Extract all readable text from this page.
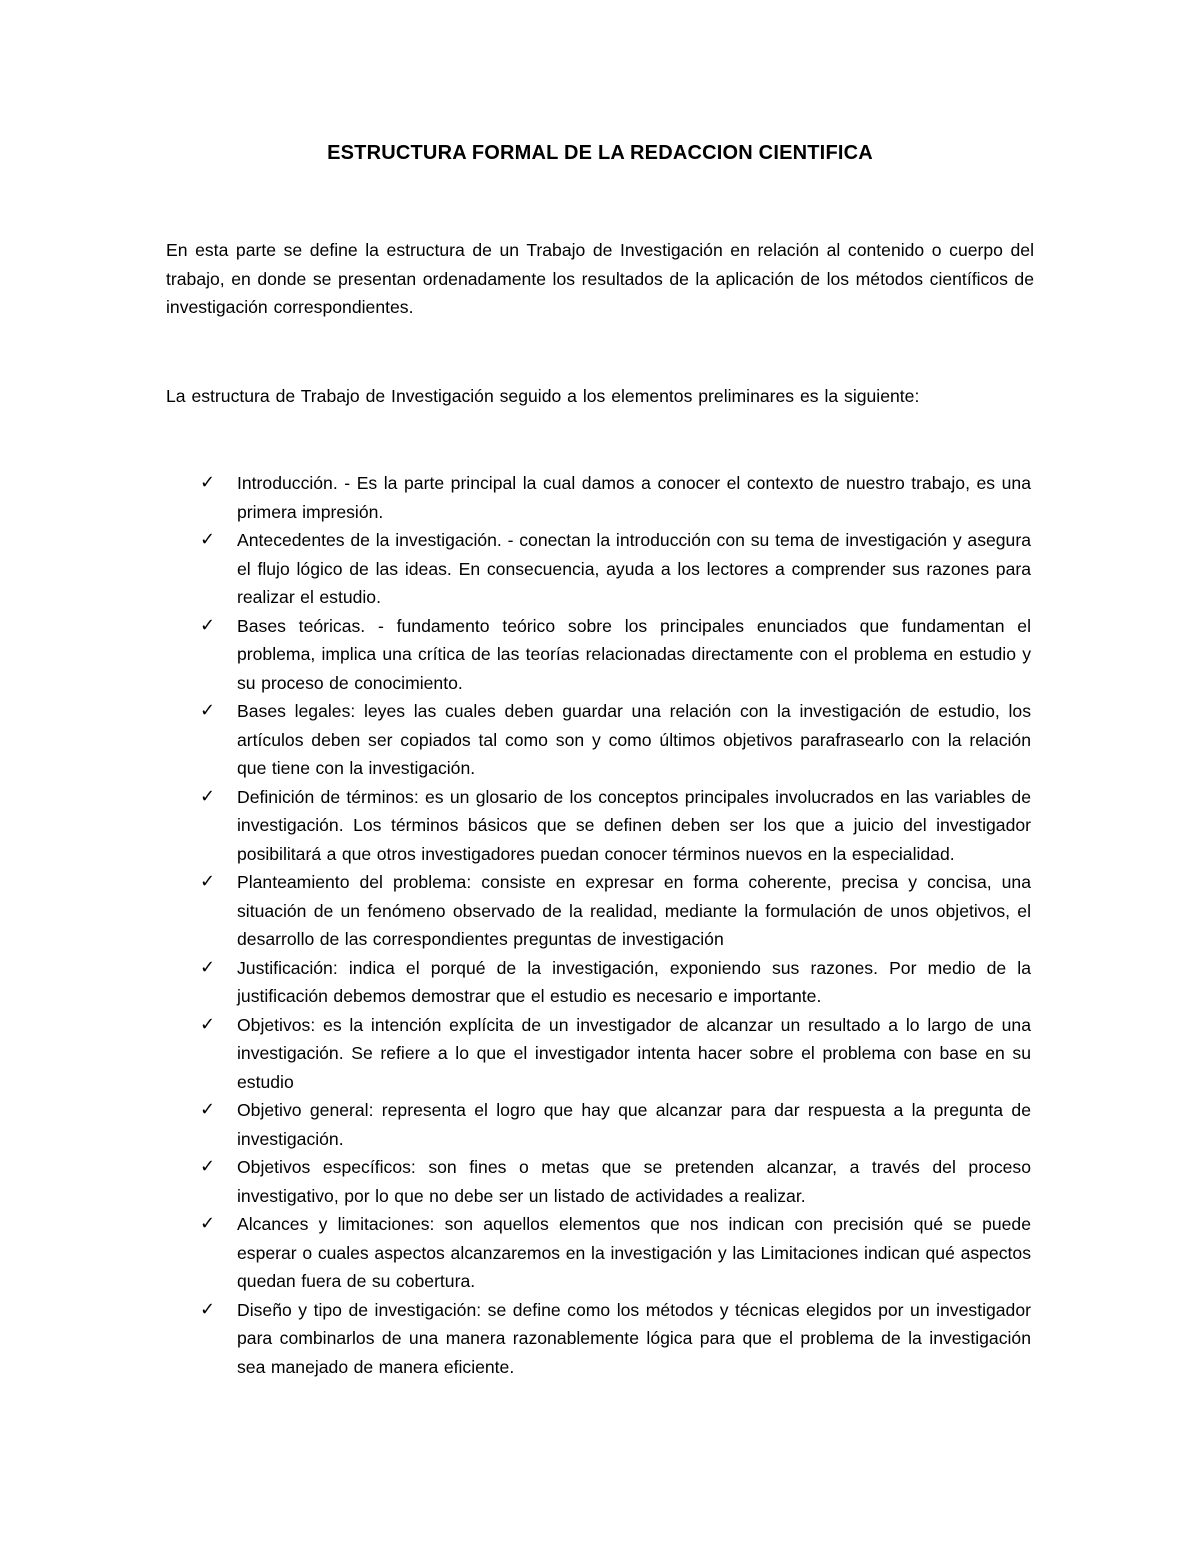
ESTRUCTURA FORMAL DE LA REDACCION CIENTIFICA

En esta parte se define la estructura de un Trabajo de Investigación en relación al contenido o cuerpo del trabajo, en donde se presentan ordenadamente los resultados de la aplicación de los métodos científicos de investigación correspondientes.

La estructura de Trabajo de Investigación seguido a los elementos preliminares es la siguiente:

✓ Introducción. - Es la parte principal la cual damos a conocer el contexto de nuestro trabajo, es una primera impresión.
✓ Antecedentes de la investigación. - conectan la introducción con su tema de investigación y asegura el flujo lógico de las ideas. En consecuencia, ayuda a los lectores a comprender sus razones para realizar el estudio.
✓ Bases teóricas. - fundamento teórico sobre los principales enunciados que fundamentan el problema, implica una crítica de las teorías relacionadas directamente con el problema en estudio y su proceso de conocimiento.
✓ Bases legales: leyes las cuales deben guardar una relación con la investigación de estudio, los artículos deben ser copiados tal como son y como últimos objetivos parafrasearlo con la relación que tiene con la investigación.
✓ Definición de términos: es un glosario de los conceptos principales involucrados en las variables de investigación. Los términos básicos que se definen deben ser los que a juicio del investigador posibilitará a que otros investigadores puedan conocer términos nuevos en la especialidad.
✓ Planteamiento del problema: consiste en expresar en forma coherente, precisa y concisa, una situación de un fenómeno observado de la realidad, mediante la formulación de unos objetivos, el desarrollo de las correspondientes preguntas de investigación
✓ Justificación: indica el porqué de la investigación, exponiendo sus razones. Por medio de la justificación debemos demostrar que el estudio es necesario e importante.
✓ Objetivos: es la intención explícita de un investigador de alcanzar un resultado a lo largo de una investigación. Se refiere a lo que el investigador intenta hacer sobre el problema con base en su estudio
✓ Objetivo general: representa el logro que hay que alcanzar para dar respuesta a la pregunta de investigación.
✓ Objetivos específicos: son fines o metas que se pretenden alcanzar, a través del proceso investigativo, por lo que no debe ser un listado de actividades a realizar.
✓ Alcances y limitaciones: son aquellos elementos que nos indican con precisión qué se puede esperar o cuales aspectos alcanzaremos en la investigación y las Limitaciones indican qué aspectos quedan fuera de su cobertura.
✓ Diseño y tipo de investigación: se define como los métodos y técnicas elegidos por un investigador para combinarlos de una manera razonablemente lógica para que el problema de la investigación sea manejado de manera eficiente.
